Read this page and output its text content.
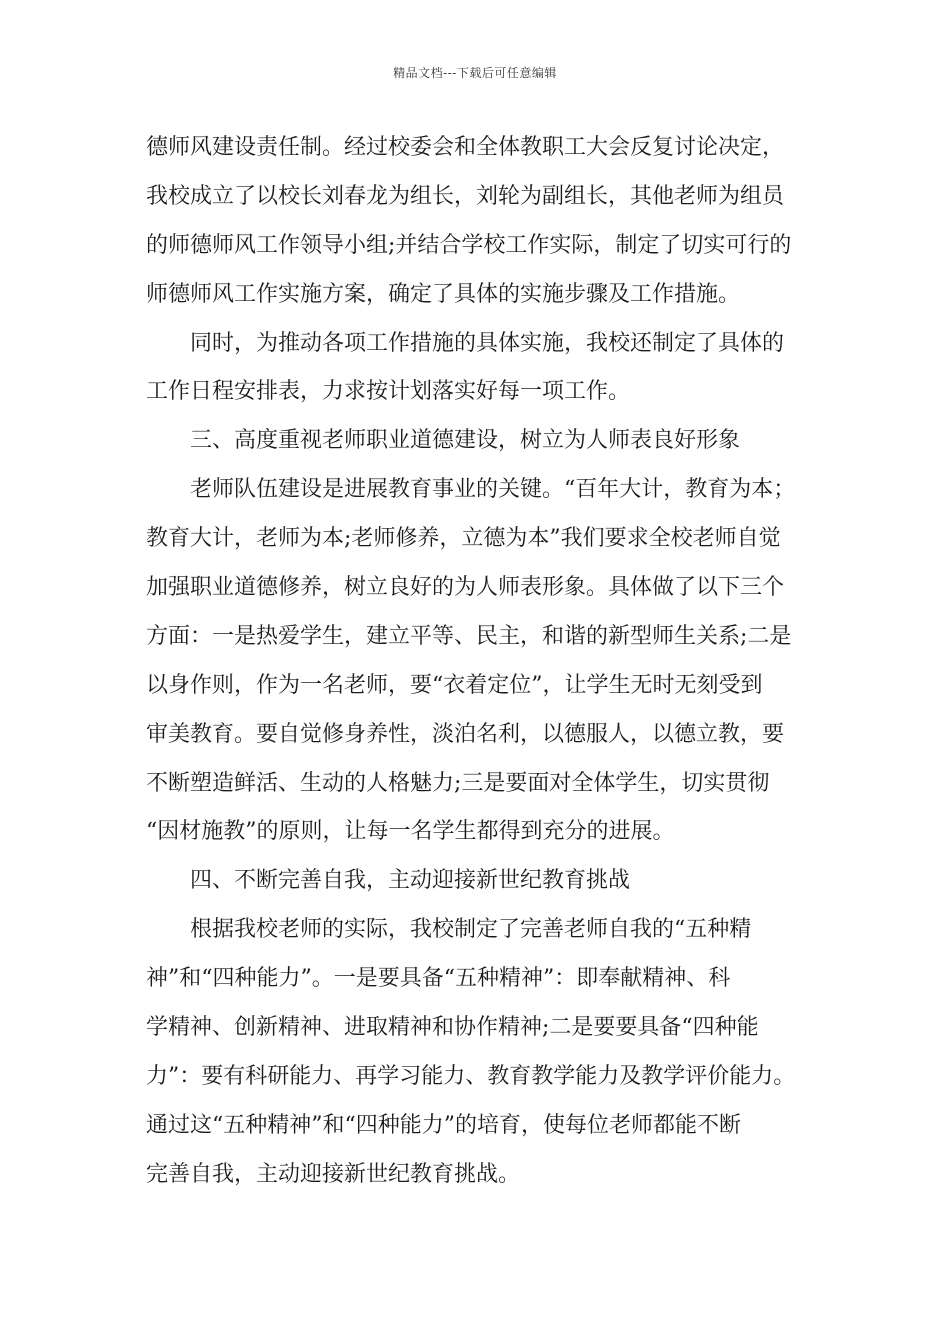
精品文档---下载后可任意编辑
德师风建设责任制。经过校委会和全体教职工大会反复讨论决定，
我校成立了以校长刘春龙为组长，刘轮为副组长，其他老师为组员
的师德师风工作领导小组;并结合学校工作实际，制定了切实可行的
师德师风工作实施方案，确定了具体的实施步骤及工作措施。
同时，为推动各项工作措施的具体实施，我校还制定了具体的
工作日程安排表，力求按计划落实好每一项工作。
三、高度重视老师职业道德建设，树立为人师表良好形象
老师队伍建设是进展教育事业的关键。“百年大计，教育为本；
教育大计，老师为本;老师修养，立德为本”我们要求全校老师自觉
加强职业道德修养，树立良好的为人师表形象。具体做了以下三个
方面：一是热爱学生，建立平等、民主，和谐的新型师生关系;二是
以身作则，作为一名老师，要“衣着定位”，让学生无时无刻受到
审美教育。要自觉修身养性，淡泊名利，以德服人，以德立教，要
不断塑造鲜活、生动的人格魅力;三是要面对全体学生，切实贯彻
“因材施教”的原则，让每一名学生都得到充分的进展。
四、不断完善自我，主动迎接新世纪教育挑战
根据我校老师的实际，我校制定了完善老师自我的“五种精
神”和“四种能力”。一是要具备“五种精神”：即奉献精神、科
学精神、创新精神、进取精神和协作精神;二是要要具备“四种能
力”：要有科研能力、再学习能力、教育教学能力及教学评价能力。
通过这“五种精神”和“四种能力”的培育，使每位老师都能不断
完善自我，主动迎接新世纪教育挑战。
